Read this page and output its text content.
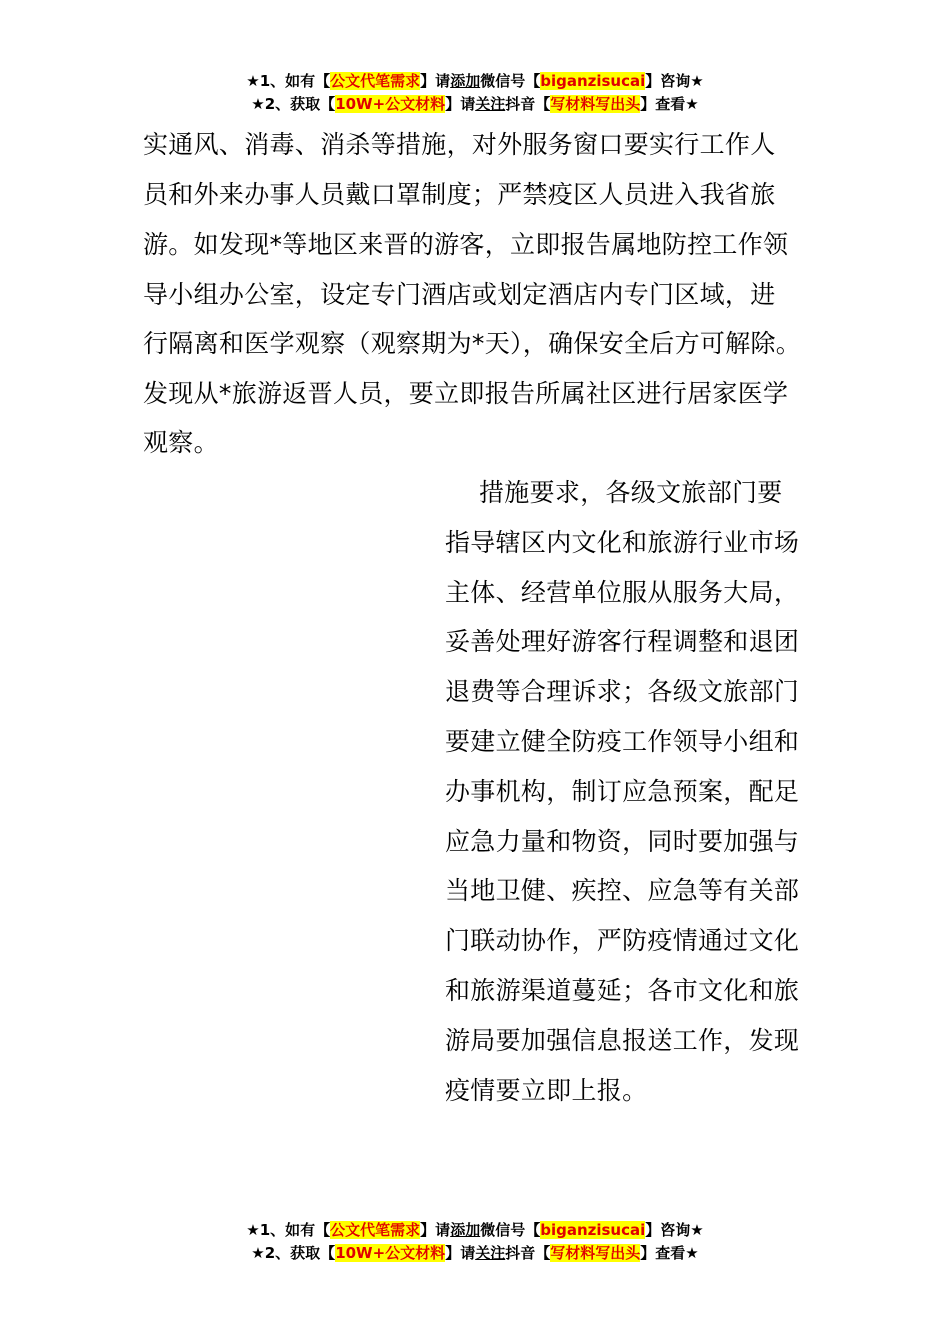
★1、如有【公文代笔需求】请添加微信号【biganzisucai】咨询★
★2、获取【10W+公文材料】请关注抖音【写材料写出头】查看★
实通风、消毒、消杀等措施，对外服务窗口要实行工作人
员和外来办事人员戴口罩制度；严禁疫区人员进入我省旅
游。如发现*等地区来晋的游客，立即报告属地防控工作领
导小组办公室，设定专门酒店或划定酒店内专门区域，进
行隔离和医学观察（观察期为*天），确保安全后方可解除。
发现从*旅游返晋人员，要立即报告所属社区进行居家医学
观察。
措施要求，各级文旅部门要
指导辖区内文化和旅游行业市场
主体、经营单位服从服务大局，
妥善处理好游客行程调整和退团
退费等合理诉求；各级文旅部门
要建立健全防疫工作领导小组和
办事机构，制订应急预案，配足
应急力量和物资，同时要加强与
当地卫健、疾控、应急等有关部
门联动协作，严防疫情通过文化
和旅游渠道蔓延；各市文化和旅
游局要加强信息报送工作，发现
疫情要立即上报。
★1、如有【公文代笔需求】请添加微信号【biganzisucai】咨询★
★2、获取【10W+公文材料】请关注抖音【写材料写出头】查看★
